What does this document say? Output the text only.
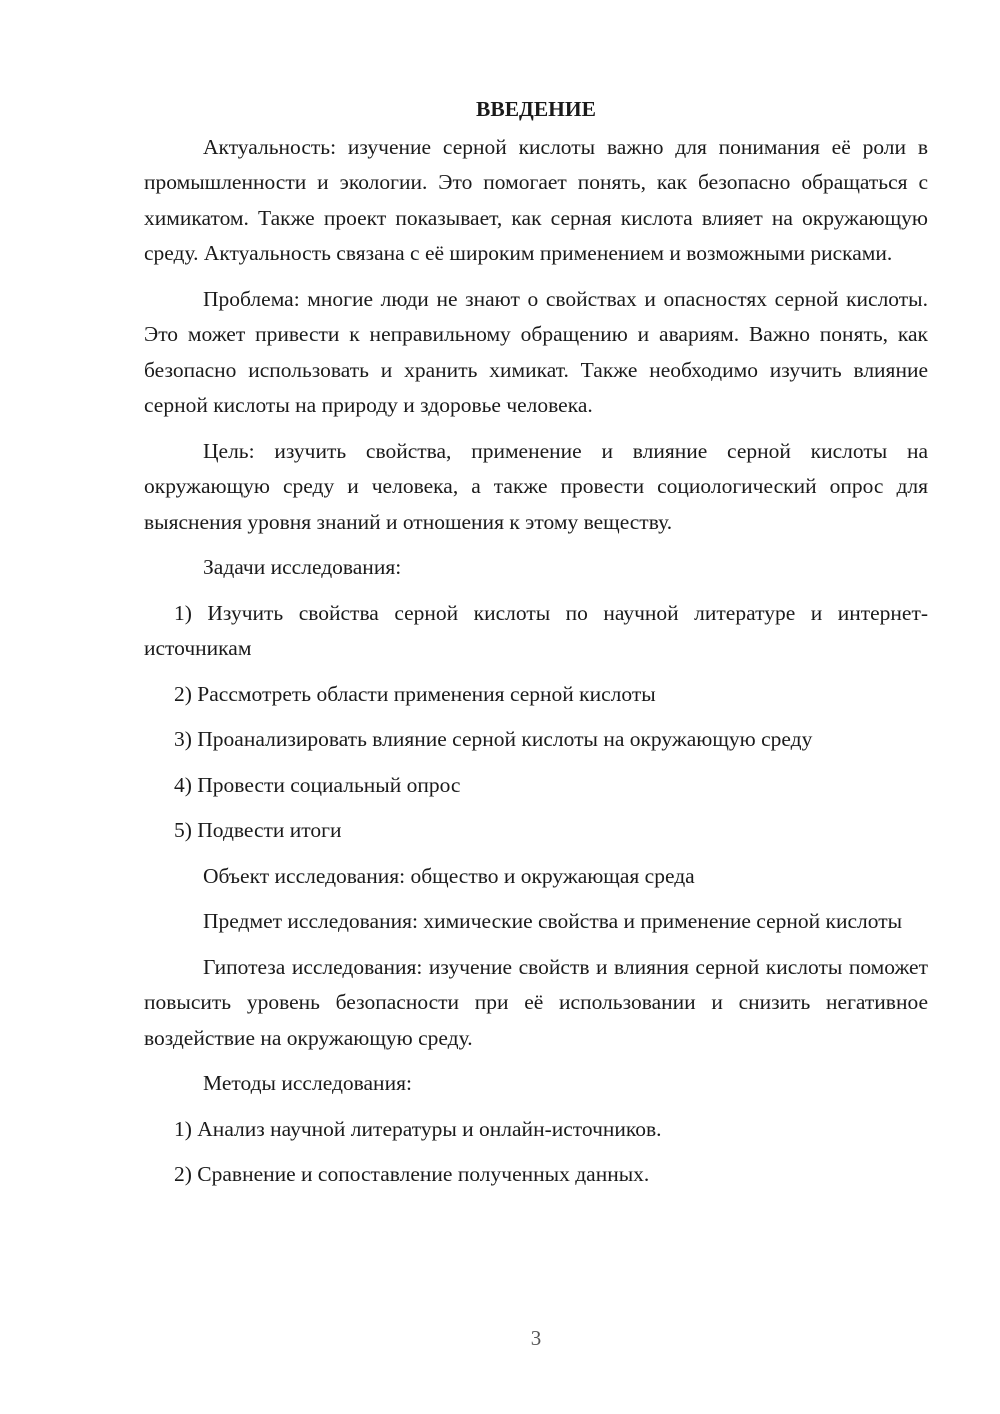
ВВЕДЕНИЕ

Актуальность: изучение серной кислоты важно для понимания её роли в промышленности и экологии. Это помогает понять, как безопасно обращаться с химикатом. Также проект показывает, как серная кислота влияет на окружающую среду. Актуальность связана с её широким применением и возможными рисками.

Проблема: многие люди не знают о свойствах и опасностях серной кислоты. Это может привести к неправильному обращению и авариям. Важно понять, как безопасно использовать и хранить химикат. Также необходимо изучить влияние серной кислоты на природу и здоровье человека.

Цель: изучить свойства, применение и влияние серной кислоты на окружающую среду и человека, а также провести социологический опрос для выяснения уровня знаний и отношения к этому веществу.

Задачи исследования:

1) Изучить свойства серной кислоты по научной литературе и интернет-источникам

2) Рассмотреть области применения серной кислоты

3) Проанализировать влияние серной кислоты на окружающую среду

4) Провести социальный опрос

5) Подвести итоги

Объект исследования: общество и окружающая среда

Предмет исследования: химические свойства и применение серной кислоты

Гипотеза исследования: изучение свойств и влияния серной кислоты поможет повысить уровень безопасности при её использовании и снизить негативное воздействие на окружающую среду.

Методы исследования:

1) Анализ научной литературы и онлайн-источников.

2) Сравнение и сопоставление полученных данных.

3
